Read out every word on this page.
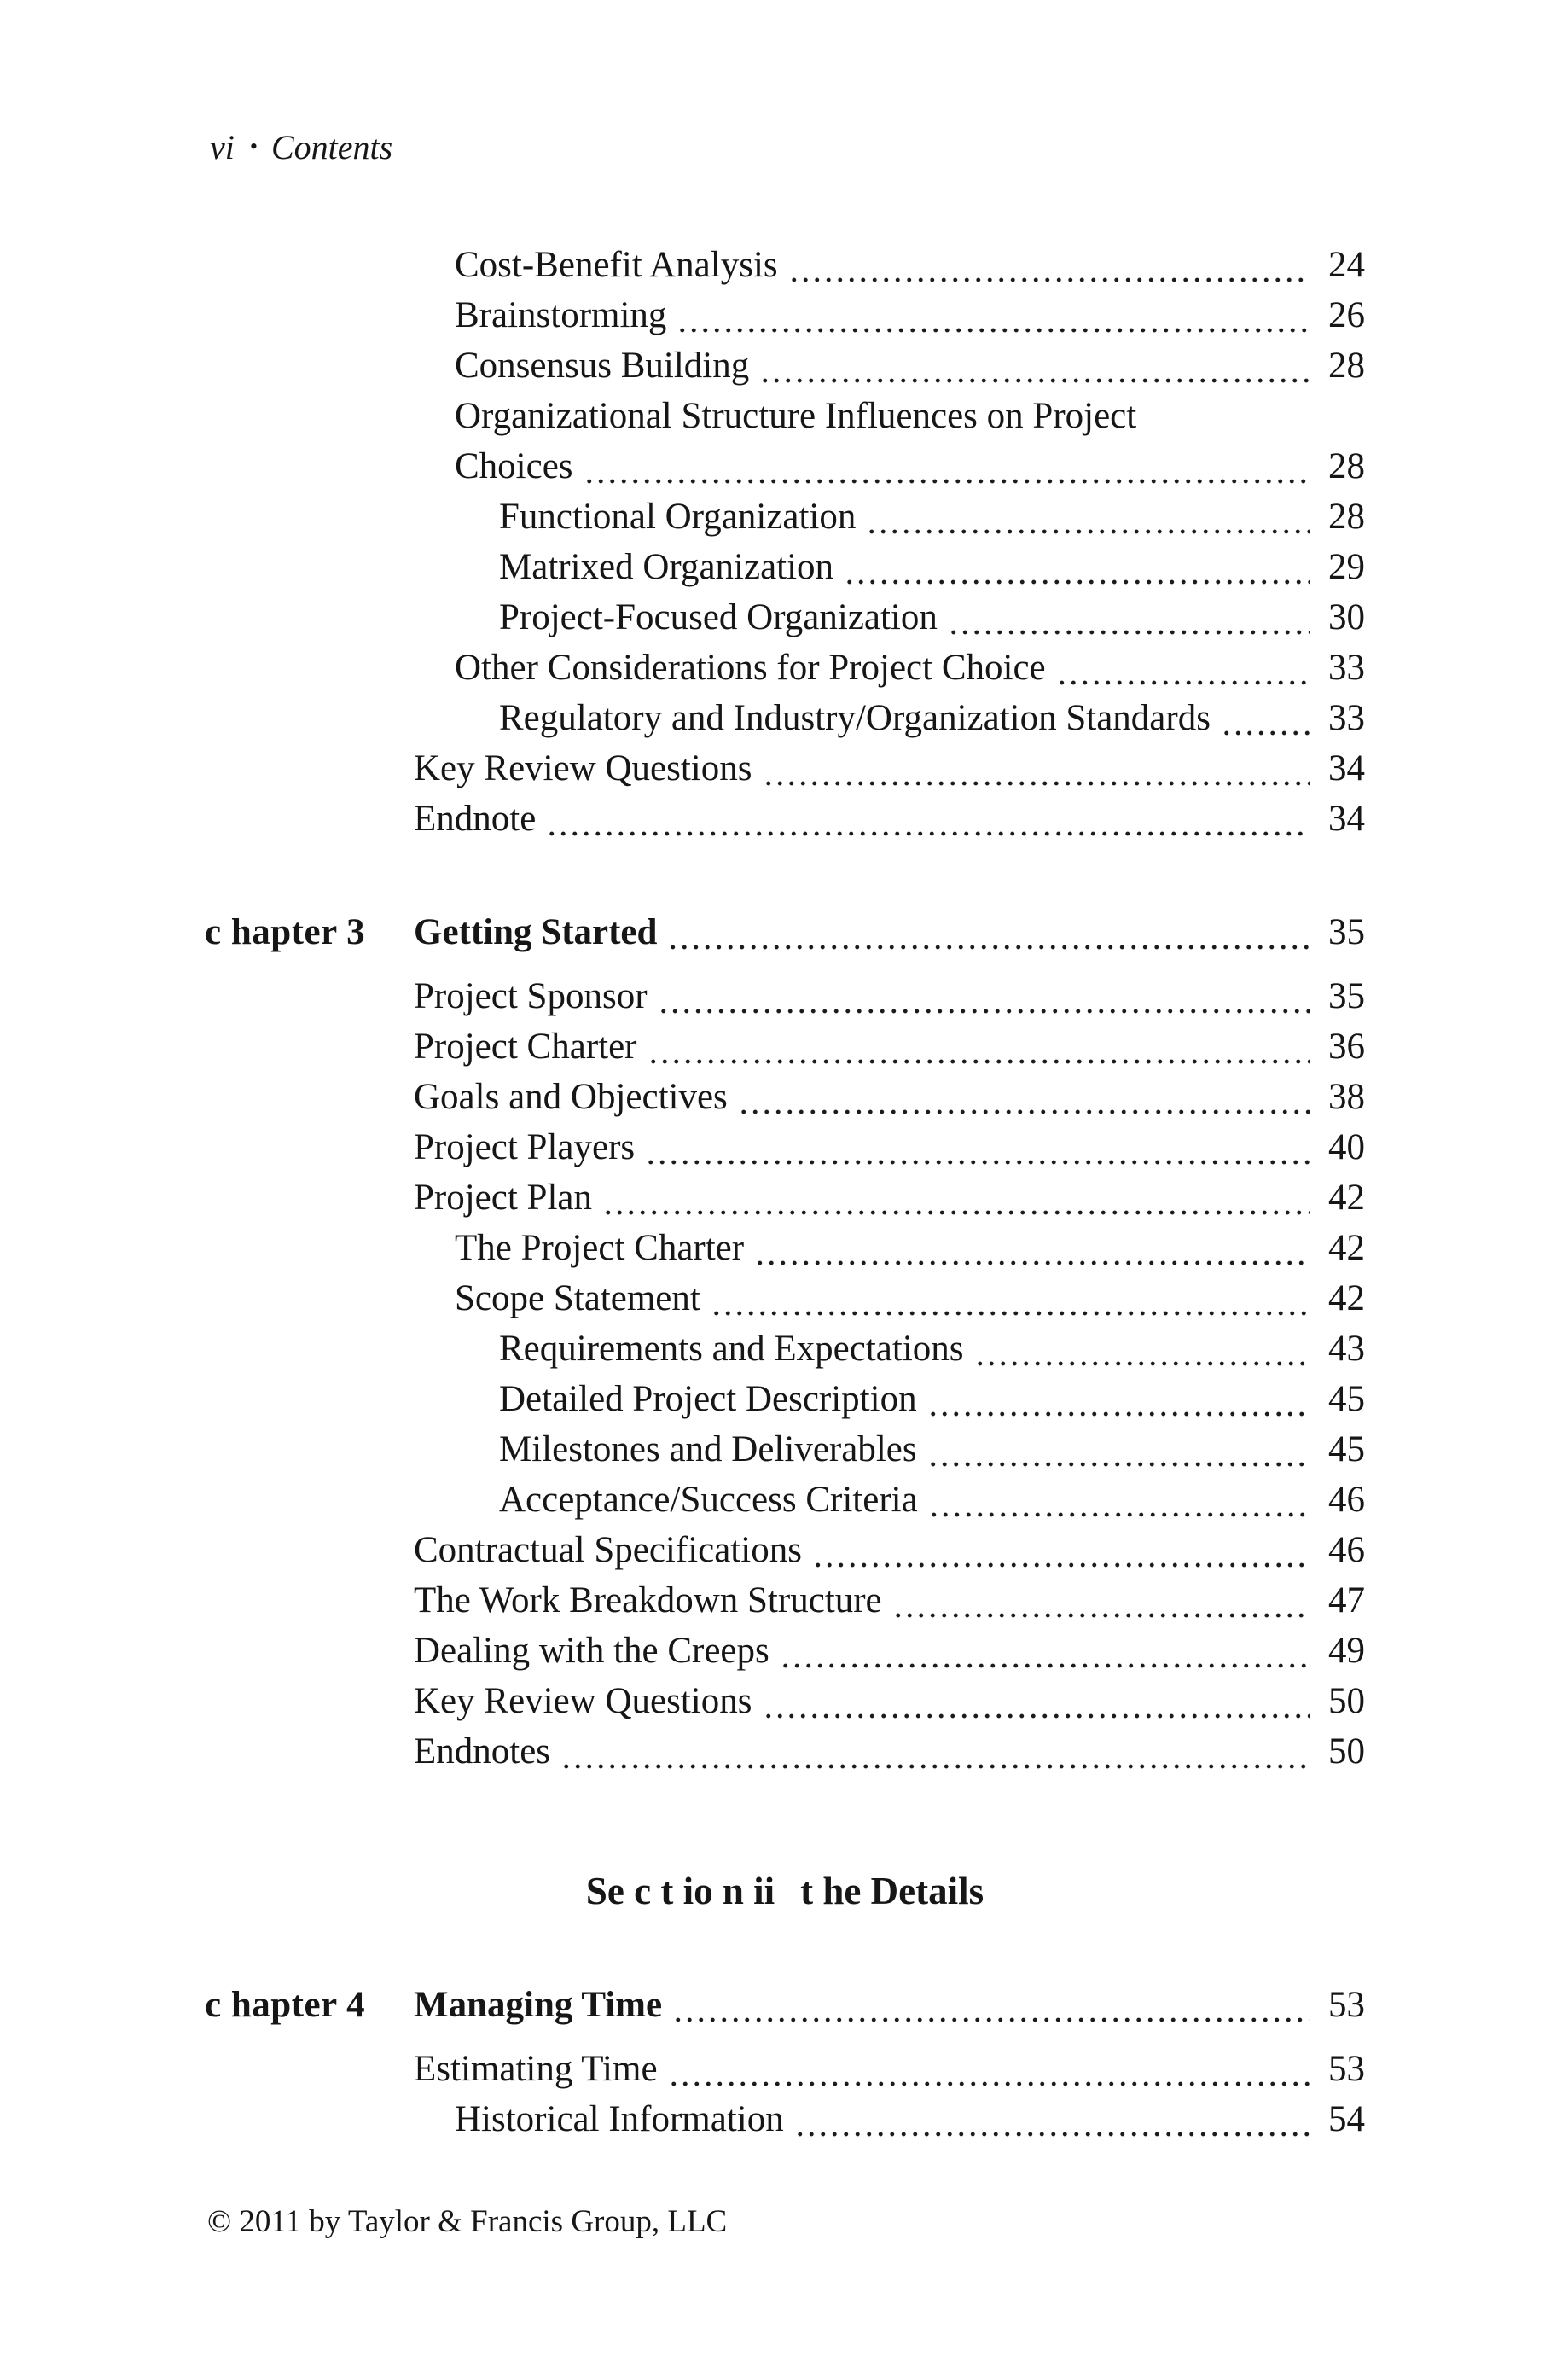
vi • Contents
Cost-Benefit Analysis	24
Brainstorming	26
Consensus Building	28
Organizational Structure Influences on Project
Choices	28
Functional Organization	28
Matrixed Organization	29
Project-Focused Organization	30
Other Considerations for Project Choice	33
Regulatory and Industry/Organization Standards	33
Key Review Questions	34
Endnote	34
c hapter 3	Getting Started	35
Project Sponsor	35
Project Charter	36
Goals and Objectives	38
Project Players	40
Project Plan	42
The Project Charter	42
Scope Statement	42
Requirements and Expectations	43
Detailed Project Description	45
Milestones and Deliverables	45
Acceptance/Success Criteria	46
Contractual Specifications	46
The Work Breakdown Structure	47
Dealing with the Creeps	49
Key Review Questions	50
Endnotes	50
Se c t io n ii t he Details
c hapter 4	Managing Time	53
Estimating Time	53
Historical Information	54
© 2011 by Taylor & Francis Group, LLC
